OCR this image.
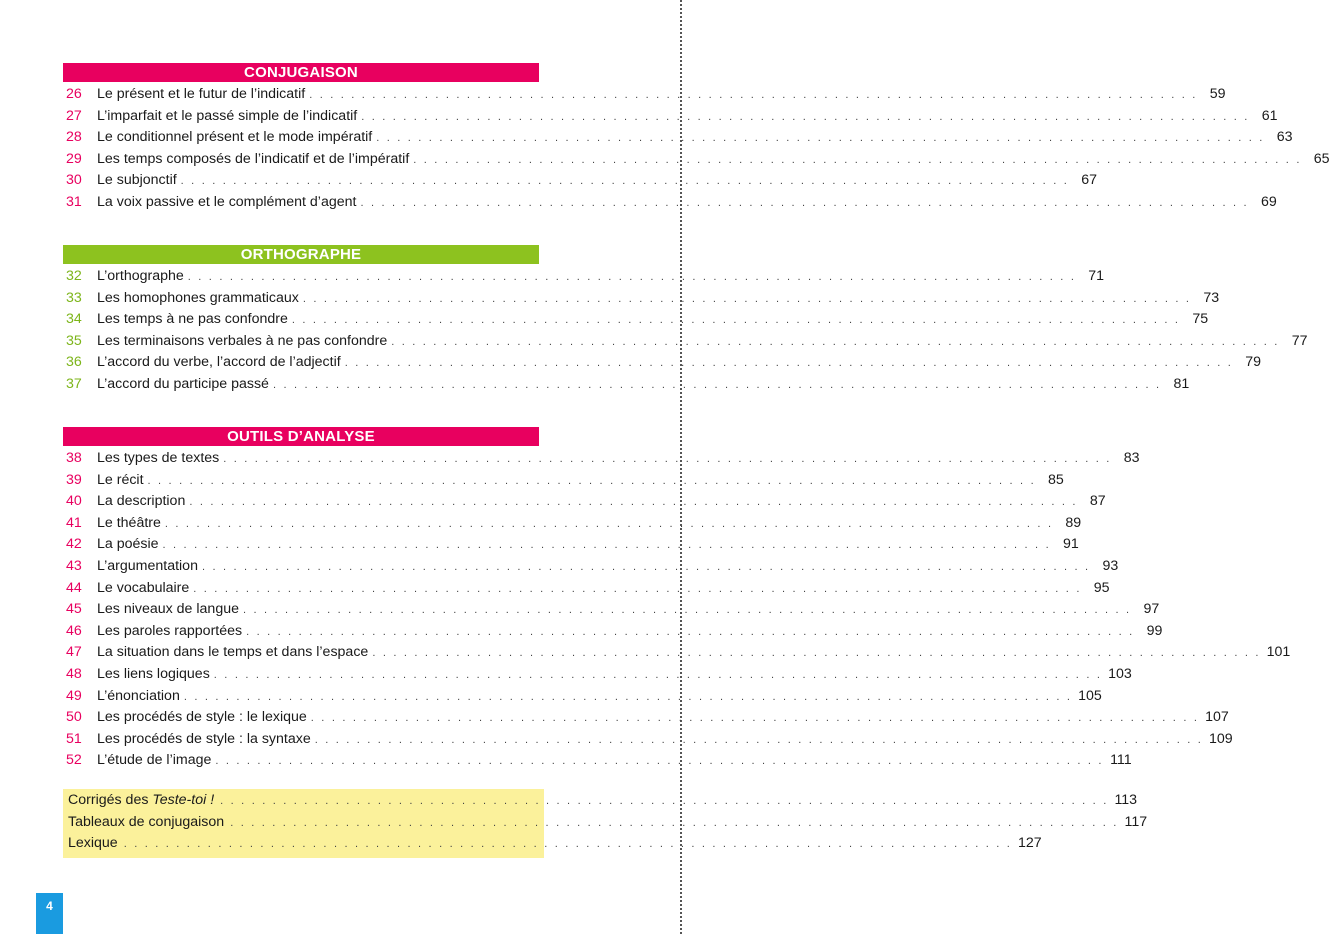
CONJUGAISON
26	Le présent et le futur de l’indicatif . . . . . . . . . . . . . . . . . . . . . . . . . . . . . . . . . . . . . . . . . . . . . . . . . . . . . . . . . . . . . . . . . . . . . . . . . . . . . . . . . . . . . 59
27	L’imparfait et le passé simple de l’indicatif . . . . . . . . . . . . . . . . . . . . . . . . . . . . . . . . . . . . . . . . . . . . . . . . . . . . . . . . . . . . . . . . . . . . . . . . . . . . . . . . . . . . . 61
28	Le conditionnel présent et le mode impératif . . . . . . . . . . . . . . . . . . . . . . . . . . . . . . . . . . . . . . . . . . . . . . . . . . . . . . . . . . . . . . . . . . . . . . . . . . . . . . . . . . . . . 63
29	Les temps composés de l’indicatif et de l’impératif . . . . . . . . . . . . . . . . . . . . . . . . . . . . . . . . . . . . . . . . . . . . . . . . . . . . . . . . . . . . . . . . . . . . . . . . . . . . . . . . . . . . . 65
30	Le subjonctif . . . . . . . . . . . . . . . . . . . . . . . . . . . . . . . . . . . . . . . . . . . . . . . . . . . . . . . . . . . . . . . . . . . . . . . . . . . . . . . . . . . . . 67
31	La voix passive et le complément d’agent . . . . . . . . . . . . . . . . . . . . . . . . . . . . . . . . . . . . . . . . . . . . . . . . . . . . . . . . . . . . . . . . . . . . . . . . . . . . . . . . . . . . . 69
ORTHOGRAPHE
32	L’orthographe . . . . . . . . . . . . . . . . . . . . . . . . . . . . . . . . . . . . . . . . . . . . . . . . . . . . . . . . . . . . . . . . . . . . . . . . . . . . . . . . . . . . . 71
33	Les homophones grammaticaux . . . . . . . . . . . . . . . . . . . . . . . . . . . . . . . . . . . . . . . . . . . . . . . . . . . . . . . . . . . . . . . . . . . . . . . . . . . . . . . . . . . . . 73
34	Les temps à ne pas confondre . . . . . . . . . . . . . . . . . . . . . . . . . . . . . . . . . . . . . . . . . . . . . . . . . . . . . . . . . . . . . . . . . . . . . . . . . . . . . . . . . . . . . 75
35	Les terminaisons verbales à ne pas confondre . . . . . . . . . . . . . . . . . . . . . . . . . . . . . . . . . . . . . . . . . . . . . . . . . . . . . . . . . . . . . . . . . . . . . . . . . . . . . . . . . . . . . 77
36	L’accord du verbe, l’accord de l’adjectif . . . . . . . . . . . . . . . . . . . . . . . . . . . . . . . . . . . . . . . . . . . . . . . . . . . . . . . . . . . . . . . . . . . . . . . . . . . . . . . . . . . . . 79
37	L’accord du participe passé . . . . . . . . . . . . . . . . . . . . . . . . . . . . . . . . . . . . . . . . . . . . . . . . . . . . . . . . . . . . . . . . . . . . . . . . . . . . . . . . . . . . . 81
OUTILS D’ANALYSE
38	Les types de textes . . . . . . . . . . . . . . . . . . . . . . . . . . . . . . . . . . . . . . . . . . . . . . . . . . . . . . . . . . . . . . . . . . . . . . . . . . . . . . . . . . . . . 83
39	Le récit . . . . . . . . . . . . . . . . . . . . . . . . . . . . . . . . . . . . . . . . . . . . . . . . . . . . . . . . . . . . . . . . . . . . . . . . . . . . . . . . . . . . . 85
40	La description . . . . . . . . . . . . . . . . . . . . . . . . . . . . . . . . . . . . . . . . . . . . . . . . . . . . . . . . . . . . . . . . . . . . . . . . . . . . . . . . . . . . . 87
41	Le théâtre . . . . . . . . . . . . . . . . . . . . . . . . . . . . . . . . . . . . . . . . . . . . . . . . . . . . . . . . . . . . . . . . . . . . . . . . . . . . . . . . . . . . . 89
42	La poésie . . . . . . . . . . . . . . . . . . . . . . . . . . . . . . . . . . . . . . . . . . . . . . . . . . . . . . . . . . . . . . . . . . . . . . . . . . . . . . . . . . . . . 91
43	L’argumentation . . . . . . . . . . . . . . . . . . . . . . . . . . . . . . . . . . . . . . . . . . . . . . . . . . . . . . . . . . . . . . . . . . . . . . . . . . . . . . . . . . . . . 93
44	Le vocabulaire . . . . . . . . . . . . . . . . . . . . . . . . . . . . . . . . . . . . . . . . . . . . . . . . . . . . . . . . . . . . . . . . . . . . . . . . . . . . . . . . . . . . . 95
45	Les niveaux de langue . . . . . . . . . . . . . . . . . . . . . . . . . . . . . . . . . . . . . . . . . . . . . . . . . . . . . . . . . . . . . . . . . . . . . . . . . . . . . . . . . . . . . 97
46	Les paroles rapportées . . . . . . . . . . . . . . . . . . . . . . . . . . . . . . . . . . . . . . . . . . . . . . . . . . . . . . . . . . . . . . . . . . . . . . . . . . . . . . . . . . . . . 99
47	La situation dans le temps et dans l’espace . . . . . . . . . . . . . . . . . . . . . . . . . . . . . . . . . . . . . . . . . . . . . . . . . . . . . . . . . . . . . . . . . . . . . . . . . . . . . . . . . . . . . 101
48	Les liens logiques . . . . . . . . . . . . . . . . . . . . . . . . . . . . . . . . . . . . . . . . . . . . . . . . . . . . . . . . . . . . . . . . . . . . . . . . . . . . . . . . . . . . . 103
49	L’énonciation . . . . . . . . . . . . . . . . . . . . . . . . . . . . . . . . . . . . . . . . . . . . . . . . . . . . . . . . . . . . . . . . . . . . . . . . . . . . . . . . . . . . . 105
50	Les procédés de style : le lexique . . . . . . . . . . . . . . . . . . . . . . . . . . . . . . . . . . . . . . . . . . . . . . . . . . . . . . . . . . . . . . . . . . . . . . . . . . . . . . . . . . . . . 107
51	Les procédés de style : la syntaxe . . . . . . . . . . . . . . . . . . . . . . . . . . . . . . . . . . . . . . . . . . . . . . . . . . . . . . . . . . . . . . . . . . . . . . . . . . . . . . . . . . . . . 109
52	L’étude de l’image . . . . . . . . . . . . . . . . . . . . . . . . . . . . . . . . . . . . . . . . . . . . . . . . . . . . . . . . . . . . . . . . . . . . . . . . . . . . . . . . . . . . . 111
Corrigés des Teste-toi ! . . . . . . . . . . . . . . . . . . . . . . . . . . . . . . . . . . . . . . . . . . . . . . . . . . . . . . . . . . . . . . . . . . . . . . . . . . . . . . . . . . . . . 113
Tableaux de conjugaison . . . . . . . . . . . . . . . . . . . . . . . . . . . . . . . . . . . . . . . . . . . . . . . . . . . . . . . . . . . . . . . . . . . . . . . . . . . . . . . . . . . . . 117
Lexique . . . . . . . . . . . . . . . . . . . . . . . . . . . . . . . . . . . . . . . . . . . . . . . . . . . . . . . . . . . . . . . . . . . . . . . . . . . . . . . . . . . . . 127
4
